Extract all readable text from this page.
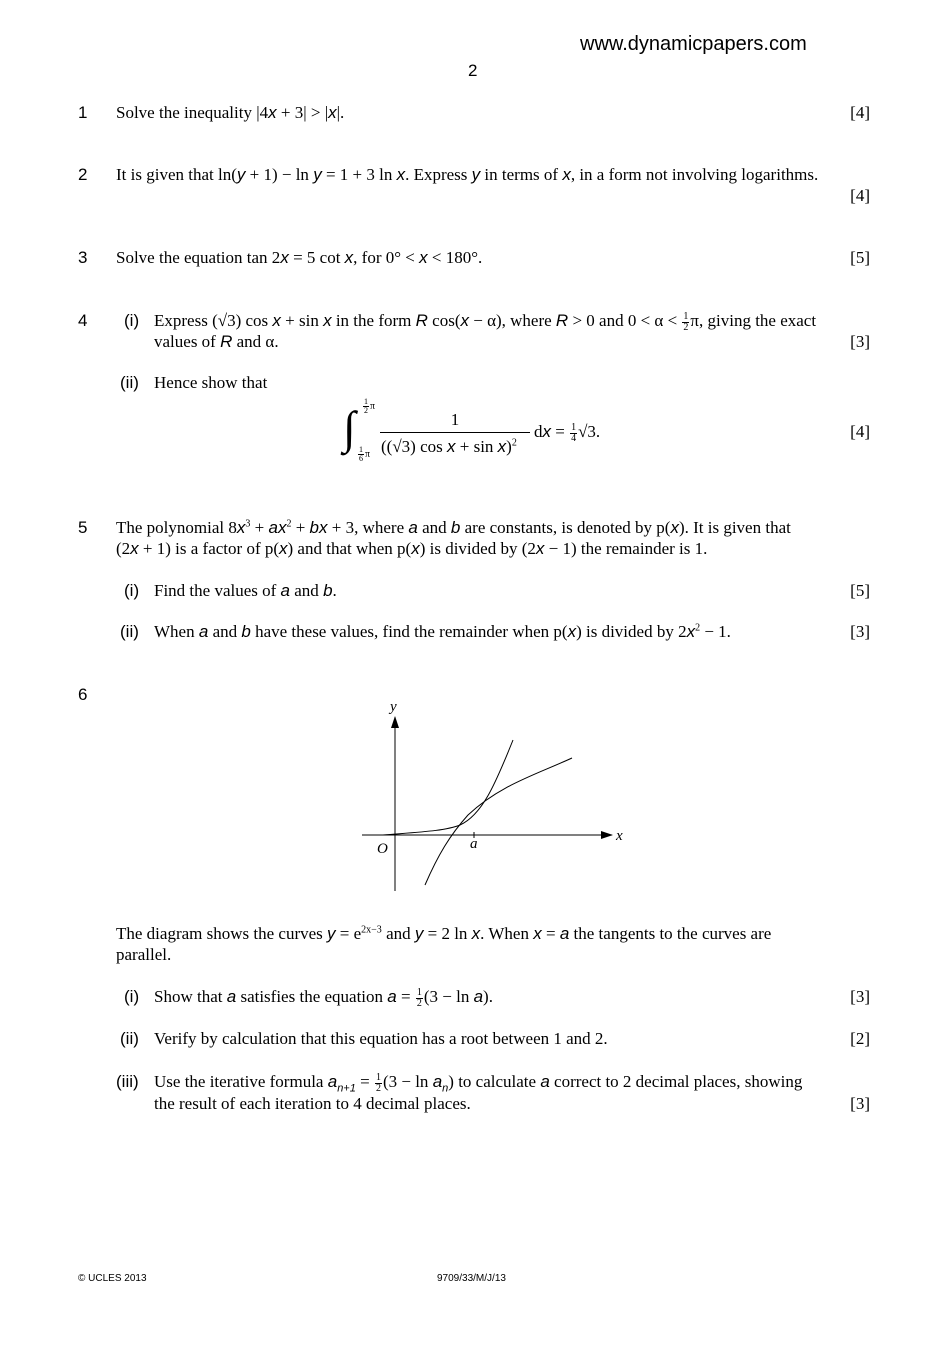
www.dynamicpapers.com
2
1 Solve the inequality |4x + 3| > |x|.	[4]
2 It is given that ln(y + 1) − ln y = 1 + 3 ln x. Express y in terms of x, in a form not involving logarithms.
[4]
3 Solve the equation tan 2x = 5 cot x, for 0° < x < 180°.	[5]
4 (i) Express (√3) cos x + sin x in the form R cos(x − α), where R > 0 and $0 < \alpha < \frac{1}{2} \pi$, giving the exact
values of R and α.	[3]
(ii) Hence show that
∫ $\frac{1}{2}$ π
$\frac{1}{6}$ π
1
((√3) cos x + sin x)$^2$
dx = $\frac{1}{4} √3$.	[4]
5 The polynomial $8x^3 + ax^2$ + bx + 3, where a and b are constants, is denoted by p(x). It is given that
(2x + 1) is a factor of p(x) and that when p(x) is divided by (2x − 1) the remainder is 1.
(i) Find the values of a and b.	[5]
(ii) When a and b have these values, find the remainder when p(x) is divided by $2x^2 - 1$.	[3]
6
y
x
O	a
The diagram shows the curves $y = e^{2x-3}$ and y = 2 ln x. When x = a the tangents to the curves are
parallel.
(i) Show that a satisfies the equation $a = \frac{1}{2} (3 - \ln a)$.	[3]
(ii) Verify by calculation that this equation has a root between 1 and 2.	[2]
(iii) Use the iterative formula $a_{n+1} = \frac{1}{2} (3 - \ln a_n)$ to calculate a correct to 2 decimal places, showing
the result of each iteration to 4 decimal places.	[3]
© UCLES 2013	9709/33/M/J/13
